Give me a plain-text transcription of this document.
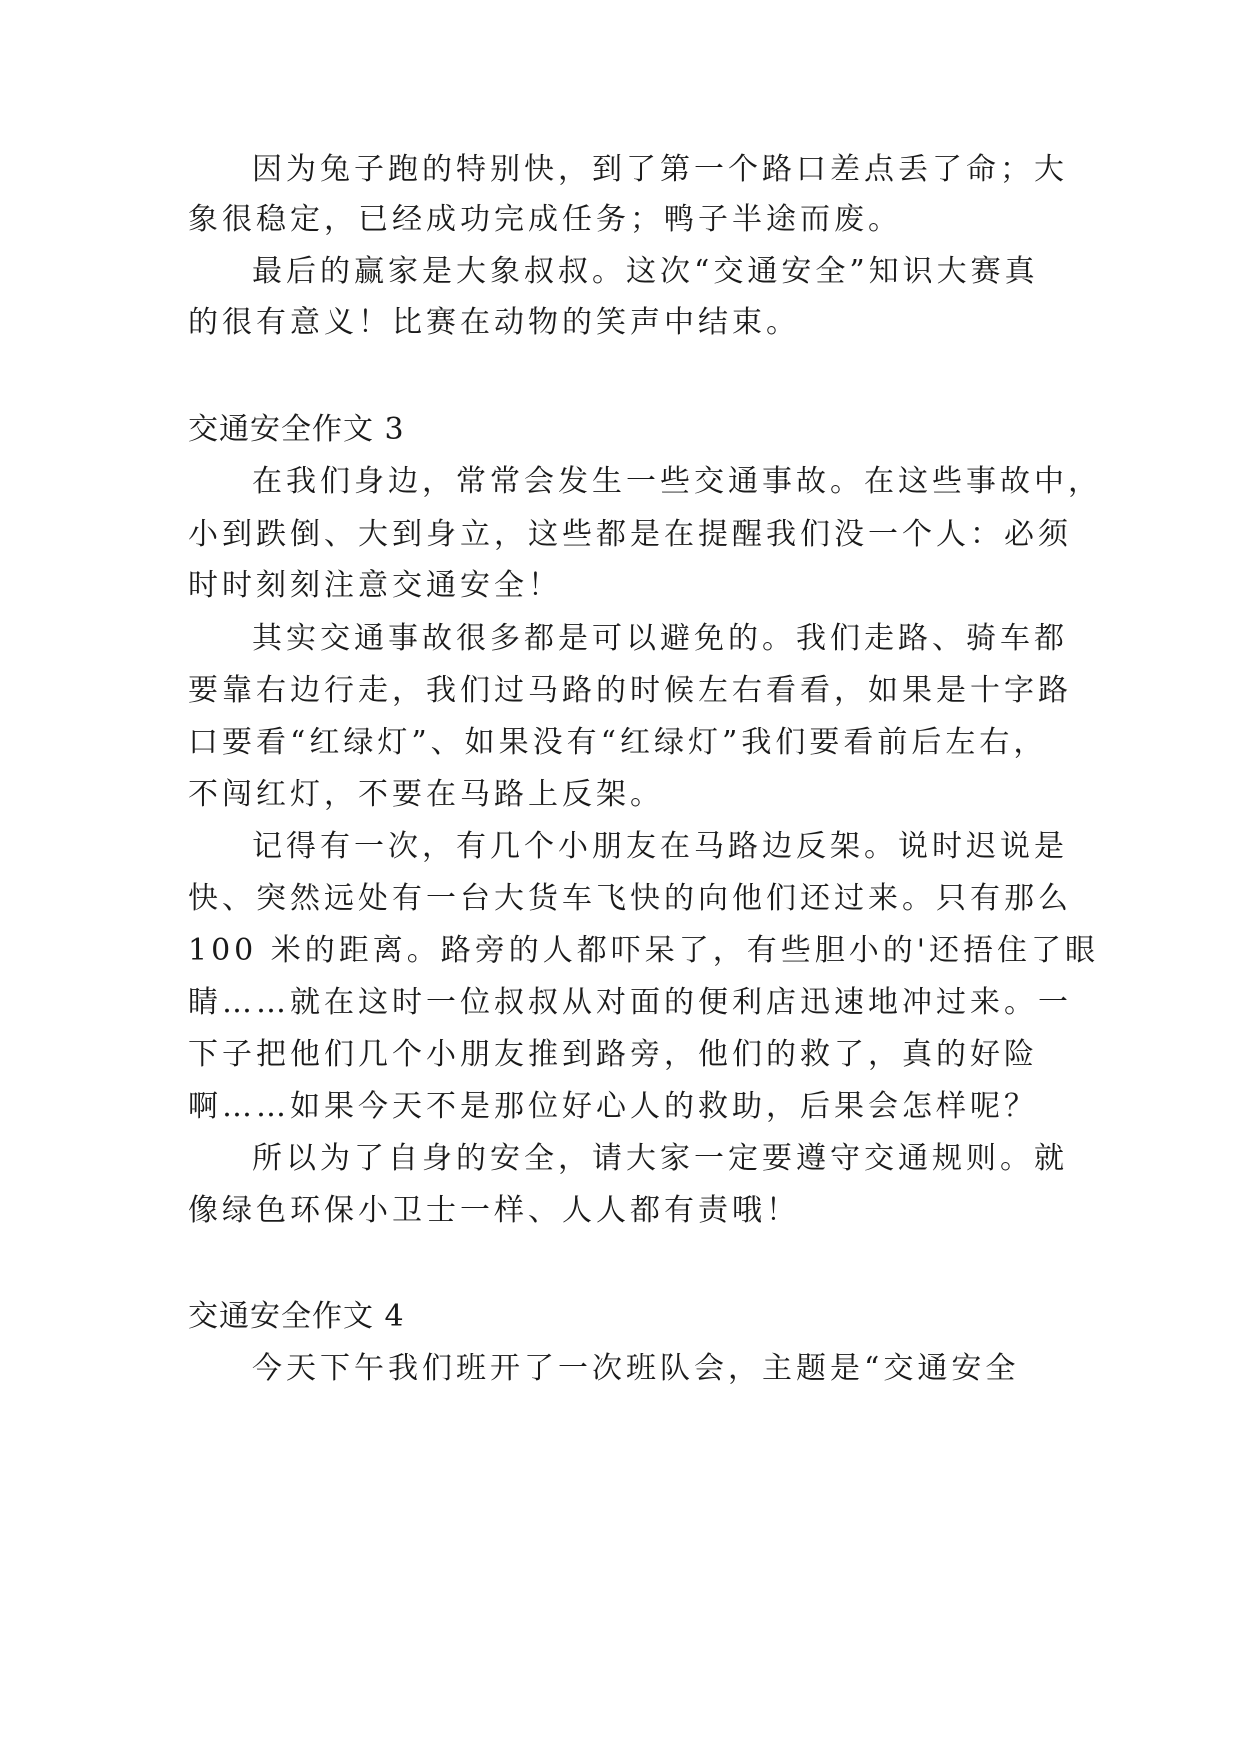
因为兔子跑的特别快，到了第一个路口差点丢了命；大
象很稳定，已经成功完成任务；鸭子半途而废。
最后的赢家是大象叔叔。这次“交通安全”知识大赛真
的很有意义！比赛在动物的笑声中结束。
交通安全作文 3
在我们身边，常常会发生一些交通事故。在这些事故中，
小到跌倒、大到身立，这些都是在提醒我们没一个人：必须
时时刻刻注意交通安全！
其实交通事故很多都是可以避免的。我们走路、骑车都
要靠右边行走，我们过马路的时候左右看看，如果是十字路
口要看“红绿灯”、如果没有“红绿灯”我们要看前后左右，
不闯红灯，不要在马路上反架。
记得有一次，有几个小朋友在马路边反架。说时迟说是
快、突然远处有一台大货车飞快的向他们还过来。只有那么
100 米的距离。路旁的人都吓呆了，有些胆小的'还捂住了眼
睛……就在这时一位叔叔从对面的便利店迅速地冲过来。一
下子把他们几个小朋友推到路旁，他们的救了，真的好险
啊……如果今天不是那位好心人的救助，后果会怎样呢？
所以为了自身的安全，请大家一定要遵守交通规则。就
像绿色环保小卫士一样、人人都有责哦！
交通安全作文 4
今天下午我们班开了一次班队会，主题是“交通安全
